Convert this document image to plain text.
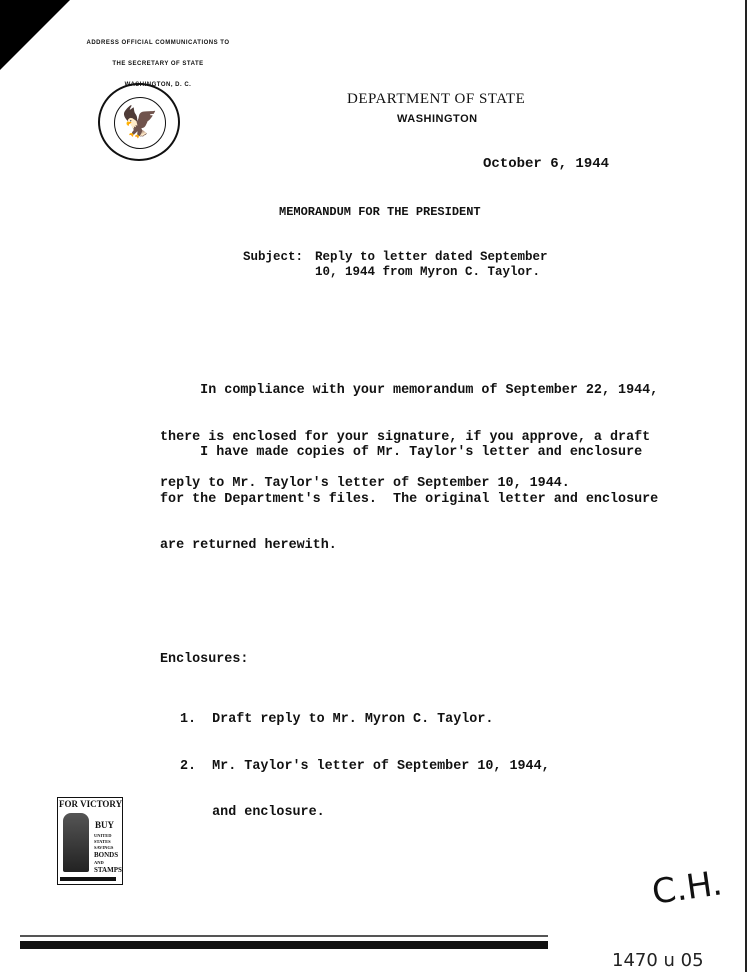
ADDRESS OFFICIAL COMMUNICATIONS TO

THE SECRETARY OF STATE

WASHINGTON, D. C.

🦅
DEPARTMENT OF STATE
WASHINGTON
October 6, 1944
MEMORANDUM FOR THE PRESIDENT
Subject: Reply to letter dated September
10, 1944 from Myron C. Taylor.

In compliance with your memorandum of September 22, 1944,

there is enclosed for your signature, if you approve, a draft

reply to Mr. Taylor's letter of September 10, 1944.

I have made copies of Mr. Taylor's letter and enclosure

for the Department's files.  The original letter and enclosure

are returned herewith.

Enclosures:

1.  Draft reply to Mr. Myron C. Taylor.

2.  Mr. Taylor's letter of September 10, 1944,

and enclosure.

FOR VICTORY
BUY
UNITED
STATES
SAVINGS
BONDS
AND
STAMPS	C.H.
1470 u 05
